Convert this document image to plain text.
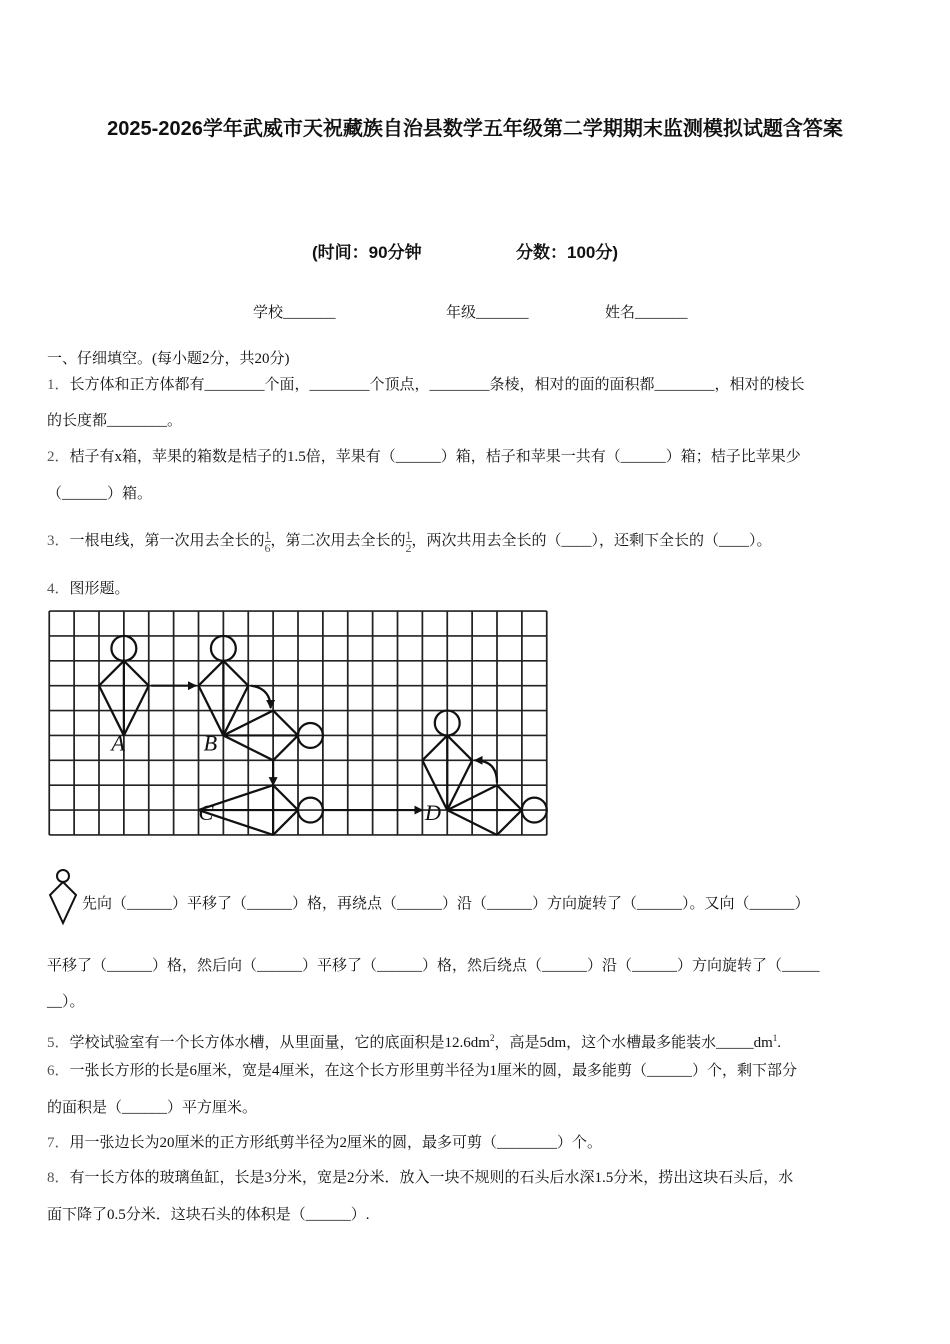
2025-2026学年武威市天祝藏族自治县数学五年级第二学期期末监测模拟试题含答案
(时间：90分钟	分数：100分)
学校_______	年级_______	姓名_______
一、仔细填空。(每小题2分，共20分)
1．长方体和正方体都有________个面，________个顶点，________条棱，相对的面的面积都________，相对的棱长
的长度都________。
2．桔子有x箱，苹果的箱数是桔子的1.5倍，苹果有（______）箱，桔子和苹果一共有（______）箱；桔子比苹果少
（______）箱。
3．一根电线，第一次用去全长的 $\frac{1}{6}$ ，第二次用去全长的 $\frac{1}{2}$ ，两次共用去全长的（____），还剩下全长的（____）。
4．图形题。
先向（______）平移了（______）格，再绕点（______）沿（______）方向旋转了（______）。又向（______）
平移了（______）格，然后向（______）平移了（______）格，然后绕点（______）沿（______）方向旋转了（_____
__）。
5．学校试验室有一个长方体水槽，从里面量，它的底面积是$12.6dm^2$，高是5dm，这个水槽最多能装水$\_\_\_\_\_dm^1$.
6．一张长方形的长是6厘米，宽是4厘米，在这个长方形里剪半径为1厘米的圆，最多能剪（______）个，剩下部分
的面积是（______）平方厘米。
7．用一张边长为20厘米的正方形纸剪半径为2厘米的圆，最多可剪（________）个。
8．有一长方体的玻璃鱼缸，长是3分米，宽是2分米．放入一块不规则的石头后水深1.5分米，捞出这块石头后，水
面下降了0.5分米．这块石头的体积是（______）.
